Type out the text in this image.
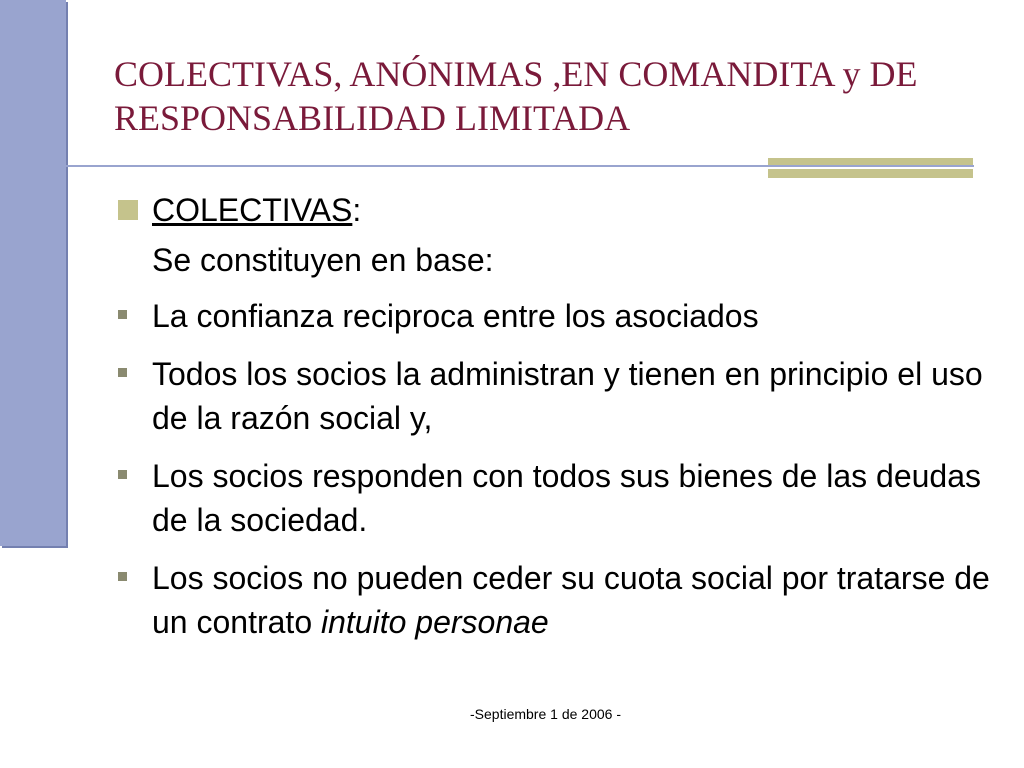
COLECTIVAS, ANÓNIMAS ,EN COMANDITA y DE RESPONSABILIDAD LIMITADA
COLECTIVAS:
Se constituyen en base:
La confianza reciproca entre los asociados
Todos los socios la administran y tienen en principio el uso de la razón social y,
Los socios responden con todos sus bienes de las deudas de la sociedad.
Los socios no pueden ceder su cuota social por tratarse de un contrato intuito personae
-Septiembre 1 de 2006 -
